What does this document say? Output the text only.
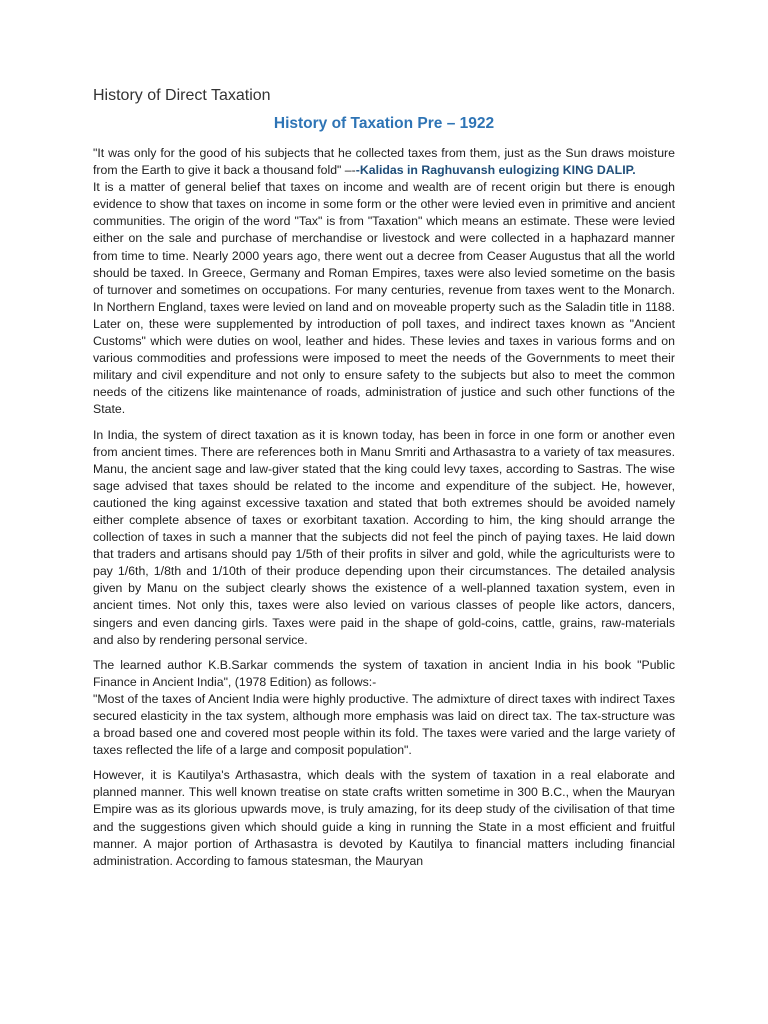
History of Direct Taxation
History of Taxation Pre – 1922

"It was only for the good of his subjects that he collected taxes from them, just as the Sun draws moisture from the Earth to give it back a thousand fold" –--Kalidas in Raghuvansh eulogizing KING DALIP.

It is a matter of general belief that taxes on income and wealth are of recent origin but there is enough evidence to show that taxes on income in some form or the other were levied even in primitive and ancient communities. The origin of the word "Tax" is from "Taxation" which means an estimate. These were levied either on the sale and purchase of merchandise or livestock and were collected in a haphazard manner from time to time. Nearly 2000 years ago, there went out a decree from Ceaser Augustus that all the world should be taxed. In Greece, Germany and Roman Empires, taxes were also levied sometime on the basis of turnover and sometimes on occupations. For many centuries, revenue from taxes went to the Monarch. In Northern England, taxes were levied on land and on moveable property such as the Saladin title in 1188. Later on, these were supplemented by introduction of poll taxes, and indirect taxes known as "Ancient Customs" which were duties on wool, leather and hides. These levies and taxes in various forms and on various commodities and professions were imposed to meet the needs of the Governments to meet their military and civil expenditure and not only to ensure safety to the subjects but also to meet the common needs of the citizens like maintenance of roads, administration of justice and such other functions of the State.

In India, the system of direct taxation as it is known today, has been in force in one form or another even from ancient times. There are references both in Manu Smriti and Arthasastra to a variety of tax measures. Manu, the ancient sage and law-giver stated that the king could levy taxes, according to Sastras. The wise sage advised that taxes should be related to the income and expenditure of the subject. He, however, cautioned the king against excessive taxation and stated that both extremes should be avoided namely either complete absence of taxes or exorbitant taxation. According to him, the king should arrange the collection of taxes in such a manner that the subjects did not feel the pinch of paying taxes. He laid down that traders and artisans should pay 1/5th of their profits in silver and gold, while the agriculturists were to pay 1/6th, 1/8th and 1/10th of their produce depending upon their circumstances. The detailed analysis given by Manu on the subject clearly shows the existence of a well-planned taxation system, even in ancient times. Not only this, taxes were also levied on various classes of people like actors, dancers, singers and even dancing girls. Taxes were paid in the shape of gold-coins, cattle, grains, raw-materials and also by rendering personal service.

The learned author K.B.Sarkar commends the system of taxation in ancient India in his book "Public Finance in Ancient India", (1978 Edition) as follows:-
"Most of the taxes of Ancient India were highly productive. The admixture of direct taxes with indirect Taxes secured elasticity in the tax system, although more emphasis was laid on direct tax. The tax-structure was a broad based one and covered most people within its fold. The taxes were varied and the large variety of taxes reflected the life of a large and composit population".

However, it is Kautilya's Arthasastra, which deals with the system of taxation in a real elaborate and planned manner. This well known treatise on state crafts written sometime in 300 B.C., when the Mauryan Empire was as its glorious upwards move, is truly amazing, for its deep study of the civilisation of that time and the suggestions given which should guide a king in running the State in a most efficient and fruitful manner. A major portion of Arthasastra is devoted by Kautilya to financial matters including financial administration. According to famous statesman, the Mauryan
